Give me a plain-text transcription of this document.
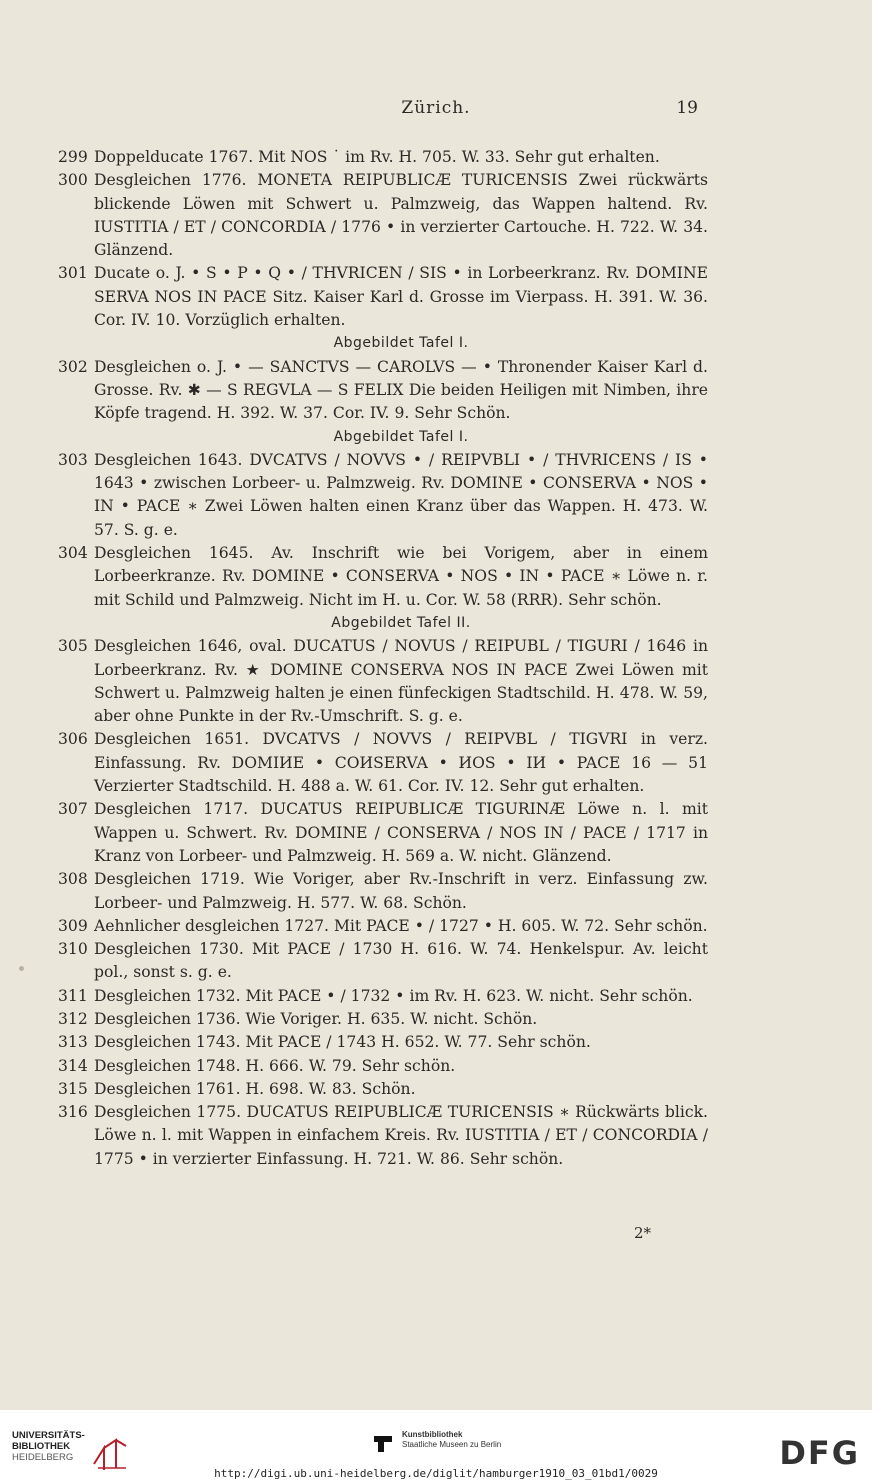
Zürich.	19
299 Doppelducate 1767. Mit NOS ˙ im Rv. H. 705. W. 33. Sehr gut erhalten.
300 Desgleichen 1776. MONETA REIPUBLICÆ TURICENSIS Zwei rückwärts blickende Löwen mit Schwert u. Palmzweig, das Wappen haltend. Rv. IUSTITIA / ET / CONCORDIA / 1776 • in verzierter Cartouche. H. 722. W. 34. Glänzend.
301 Ducate o. J. • S • P • Q • / THVRICEN / SIS • in Lorbeerkranz. Rv. DOMINE SERVA NOS IN PACE Sitz. Kaiser Karl d. Grosse im Vierpass. H. 391. W. 36. Cor. IV. 10. Vorzüglich erhalten.
Abgebildet Tafel I.
302 Desgleichen o. J. • — SANCTVS — CAROLVS — • Thronender Kaiser Karl d. Grosse. Rv. ✱ — S REGVLA — S FELIX Die beiden Heiligen mit Nimben, ihre Köpfe tragend. H. 392. W. 37. Cor. IV. 9. Sehr Schön.
Abgebildet Tafel I.
303 Desgleichen 1643. DVCATVS / NOVVS • / REIPVBLI • / THVRICENS / IS • 1643 • zwischen Lorbeer- u. Palmzweig. Rv. DOMINE • CONSERVA • NOS • IN • PACE ∗ Zwei Löwen halten einen Kranz über das Wappen. H. 473. W. 57. S. g. e.
304 Desgleichen 1645. Av. Inschrift wie bei Vorigem, aber in einem Lorbeerkranze. Rv. DOMINE • CONSERVA • NOS • IN • PACE ∗ Löwe n. r. mit Schild und Palmzweig. Nicht im H. u. Cor. W. 58 (RRR). Sehr schön.
Abgebildet Tafel II.
305 Desgleichen 1646, oval. DUCATUS / NOVUS / REIPUBL / TIGURI / 1646 in Lorbeerkranz. Rv. ★ DOMINE CONSERVA NOS IN PACE Zwei Löwen mit Schwert u. Palmzweig halten je einen fünfeckigen Stadtschild. H. 478. W. 59, aber ohne Punkte in der Rv.-Umschrift. S. g. e.
306 Desgleichen 1651. DVCATVS / NOVVS / REIPVBL / TIGVRI in verz. Einfassung. Rv. DOMIИE • COИSERVA • ИOS • IИ • PACE 16 — 51 Verzierter Stadtschild. H. 488 a. W. 61. Cor. IV. 12. Sehr gut erhalten.
307 Desgleichen 1717. DUCATUS REIPUBLICÆ TIGURINÆ Löwe n. l. mit Wappen u. Schwert. Rv. DOMINE / CONSERVA / NOS IN / PACE / 1717 in Kranz von Lorbeer- und Palmzweig. H. 569 a. W. nicht. Glänzend.
308 Desgleichen 1719. Wie Voriger, aber Rv.-Inschrift in verz. Einfassung zw. Lorbeer- und Palmzweig. H. 577. W. 68. Schön.
309 Aehnlicher desgleichen 1727. Mit PACE • / 1727 • H. 605. W. 72. Sehr schön.
310 Desgleichen 1730. Mit PACE / 1730 H. 616. W. 74. Henkelspur. Av. leicht pol., sonst s. g. e.
311 Desgleichen 1732. Mit PACE • / 1732 • im Rv. H. 623. W. nicht. Sehr schön.
312 Desgleichen 1736. Wie Voriger. H. 635. W. nicht. Schön.
313 Desgleichen 1743. Mit PACE / 1743 H. 652. W. 77. Sehr schön.
314 Desgleichen 1748. H. 666. W. 79. Sehr schön.
315 Desgleichen 1761. H. 698. W. 83. Schön.
316 Desgleichen 1775. DUCATUS REIPUBLICÆ TURICENSIS ∗ Rückwärts blick. Löwe n. l. mit Wappen in einfachem Kreis. Rv. IUSTITIA / ET / CONCORDIA / 1775 • in verzierter Einfassung. H. 721. W. 86. Sehr schön.
2*
UNIVERSITÄTS-
BIBLIOTHEK
HEIDELBERG
Kunstbibliothek
Staatliche Museen zu Berlin	DFG
http://digi.ub.uni-heidelberg.de/diglit/hamburger1910_03_01bd1/0029
